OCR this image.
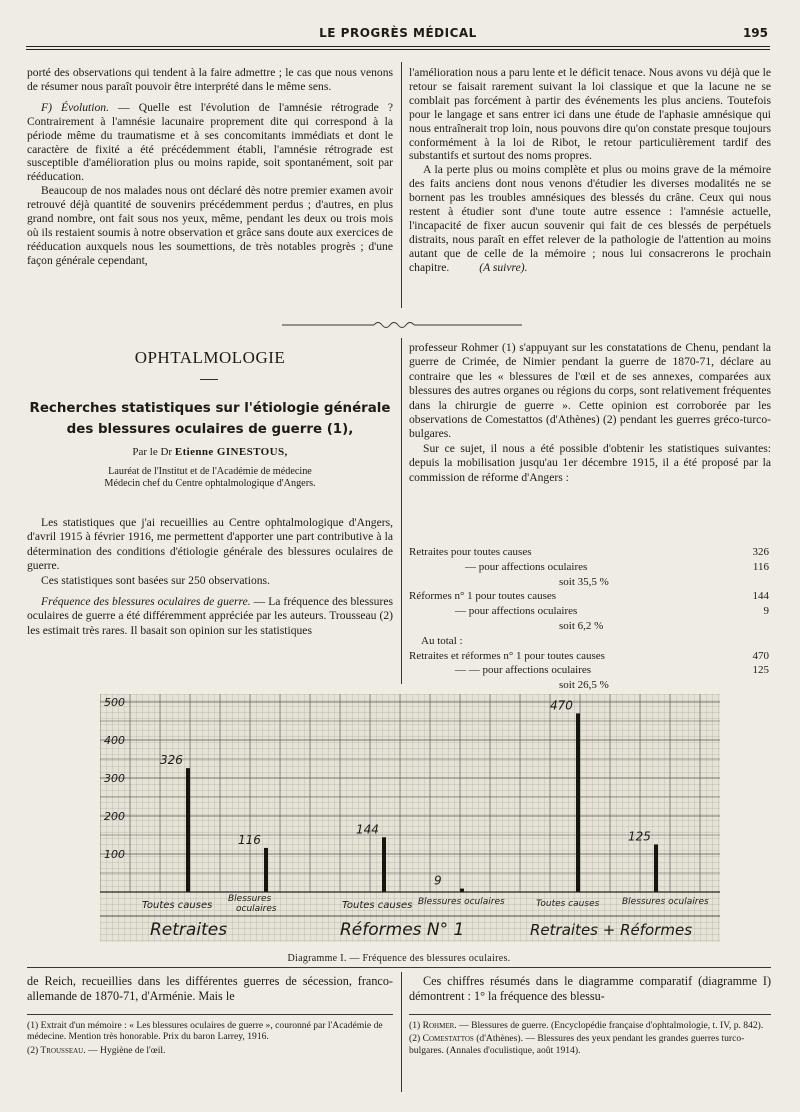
LE PROGRÈS MÉDICAL	195

porté des observations qui tendent à la faire admettre ; le cas que nous venons de résumer nous paraît pouvoir être interprété dans le même sens.

F) Évolution. — Quelle est l'évolution de l'amnésie rétrograde ? Contrairement à l'amnésie lacunaire proprement dite qui correspond à la période même du traumatisme et à ses concomitants immédiats et dont le caractère de fixité a été précédemment établi, l'amnésie rétrograde est susceptible d'amélioration plus ou moins rapide, soit spontanément, soit par rééducation.

Beaucoup de nos malades nous ont déclaré dès notre premier examen avoir retrouvé déjà quantité de souvenirs précédemment perdus ; d'autres, en plus grand nombre, ont fait sous nos yeux, même, pendant les deux ou trois mois où ils restaient soumis à notre observation et grâce sans doute aux exercices de rééducation auxquels nous les soumettions, de très notables progrès ; d'une façon générale cependant,

l'amélioration nous a paru lente et le déficit tenace. Nous avons vu déjà que le retour se faisait rarement suivant la loi classique et que la lacune ne se comblait pas forcément à partir des événements les plus anciens. Toutefois pour le langage et sans entrer ici dans une étude de l'aphasie amnésique qui nous entraînerait trop loin, nous pouvons dire qu'on constate presque toujours conformément à la loi de Ribot, le retour particulièrement tardif des substantifs et surtout des noms propres.

A la perte plus ou moins complète et plus ou moins grave de la mémoire des faits anciens dont nous venons d'étudier les diverses modalités ne se bornent pas les troubles amnésiques des blessés du crâne. Ceux qui nous restent à étudier sont d'une toute autre essence : l'amnésie actuelle, l'incapacité de fixer aucun souvenir qui fait de ces blessés de perpétuels distraits, nous paraît en effet relever de la pathologie de l'attention au moins autant que de celle de la mémoire ; nous lui consacrerons le prochain chapitre.	(A suivre).

OPHTALMOLOGIE
Recherches statistiques sur l'étiologie générale
des blessures oculaires de guerre (1),
Par le Dr Etienne GINESTOUS,
Lauréat de l'Institut et de l'Académie de médecine
Médecin chef du Centre ophtalmologique d'Angers.

Les statistiques que j'ai recueillies au Centre ophtalmologique d'Angers, d'avril 1915 à février 1916, me permettent d'apporter une part contributive à la détermination des conditions d'étiologie générale des blessures oculaires de guerre.

Ces statistiques sont basées sur 250 observations.

Fréquence des blessures oculaires de guerre. — La fréquence des blessures oculaires de guerre a été différemment appréciée par les auteurs. Trousseau (2) les estimait très rares. Il basait son opinion sur les statistiques

professeur Rohmer (1) s'appuyant sur les constatations de Chenu, pendant la guerre de Crimée, de Nimier pendant la guerre de 1870-71, déclare au contraire que les « blessures de l'œil et de ses annexes, comparées aux blessures des autres organes ou régions du corps, sont relativement fréquentes dans la chirurgie de guerre ». Cette opinion est corroborée par les observations de Comestattos (d'Athènes) (2) pendant les guerres gréco-turco-bulgares.

Sur ce sujet, il nous a été possible d'obtenir les statistiques suivantes: depuis la mobilisation jusqu'au 1er décembre 1915, il a été proposé par la commission de réforme d'Angers :

Retraites pour toutes causes	326
— pour affections oculaires	116
soit 35,5 %
Réformes n° 1 pour toutes causes	144
— pour affections oculaires	9
soit 6,2 %
Au total :
Retraites et réformes n° 1 pour toutes causes	470
— — pour affections oculaires	125
soit 26,5 %
500
400
300
200
100
326
116
144
9
470
125
Toutes causes
Blessures
oculaires	Toutes causes Blessures oculaires	Toutes causes	Blessures oculaires
Retraites	Réformes N° 1	Retraites + Réformes
Diagramme I. — Fréquence des blessures oculaires.

de Reich, recueillies dans les différentes guerres de sécession, franco-allemande de 1870-71, d'Arménie. Mais le

Ces chiffres résumés dans le diagramme comparatif (diagramme I) démontrent : 1° la fréquence des blessu-

(1) Extrait d'un mémoire : « Les blessures oculaires de guerre », couronné par l'Académie de médecine. Mention très honorable. Prix du baron Larrey, 1916.
(2) Trousseau. — Hygiène de l'œil.
(1) Rohmer. — Blessures de guerre. (Encyclopédie française d'ophtalmologie, t. IV, p. 842).
(2) Comestattos (d'Athènes). — Blessures des yeux pendant les grandes guerres turco-bulgares. (Annales d'oculistique, août 1914).
